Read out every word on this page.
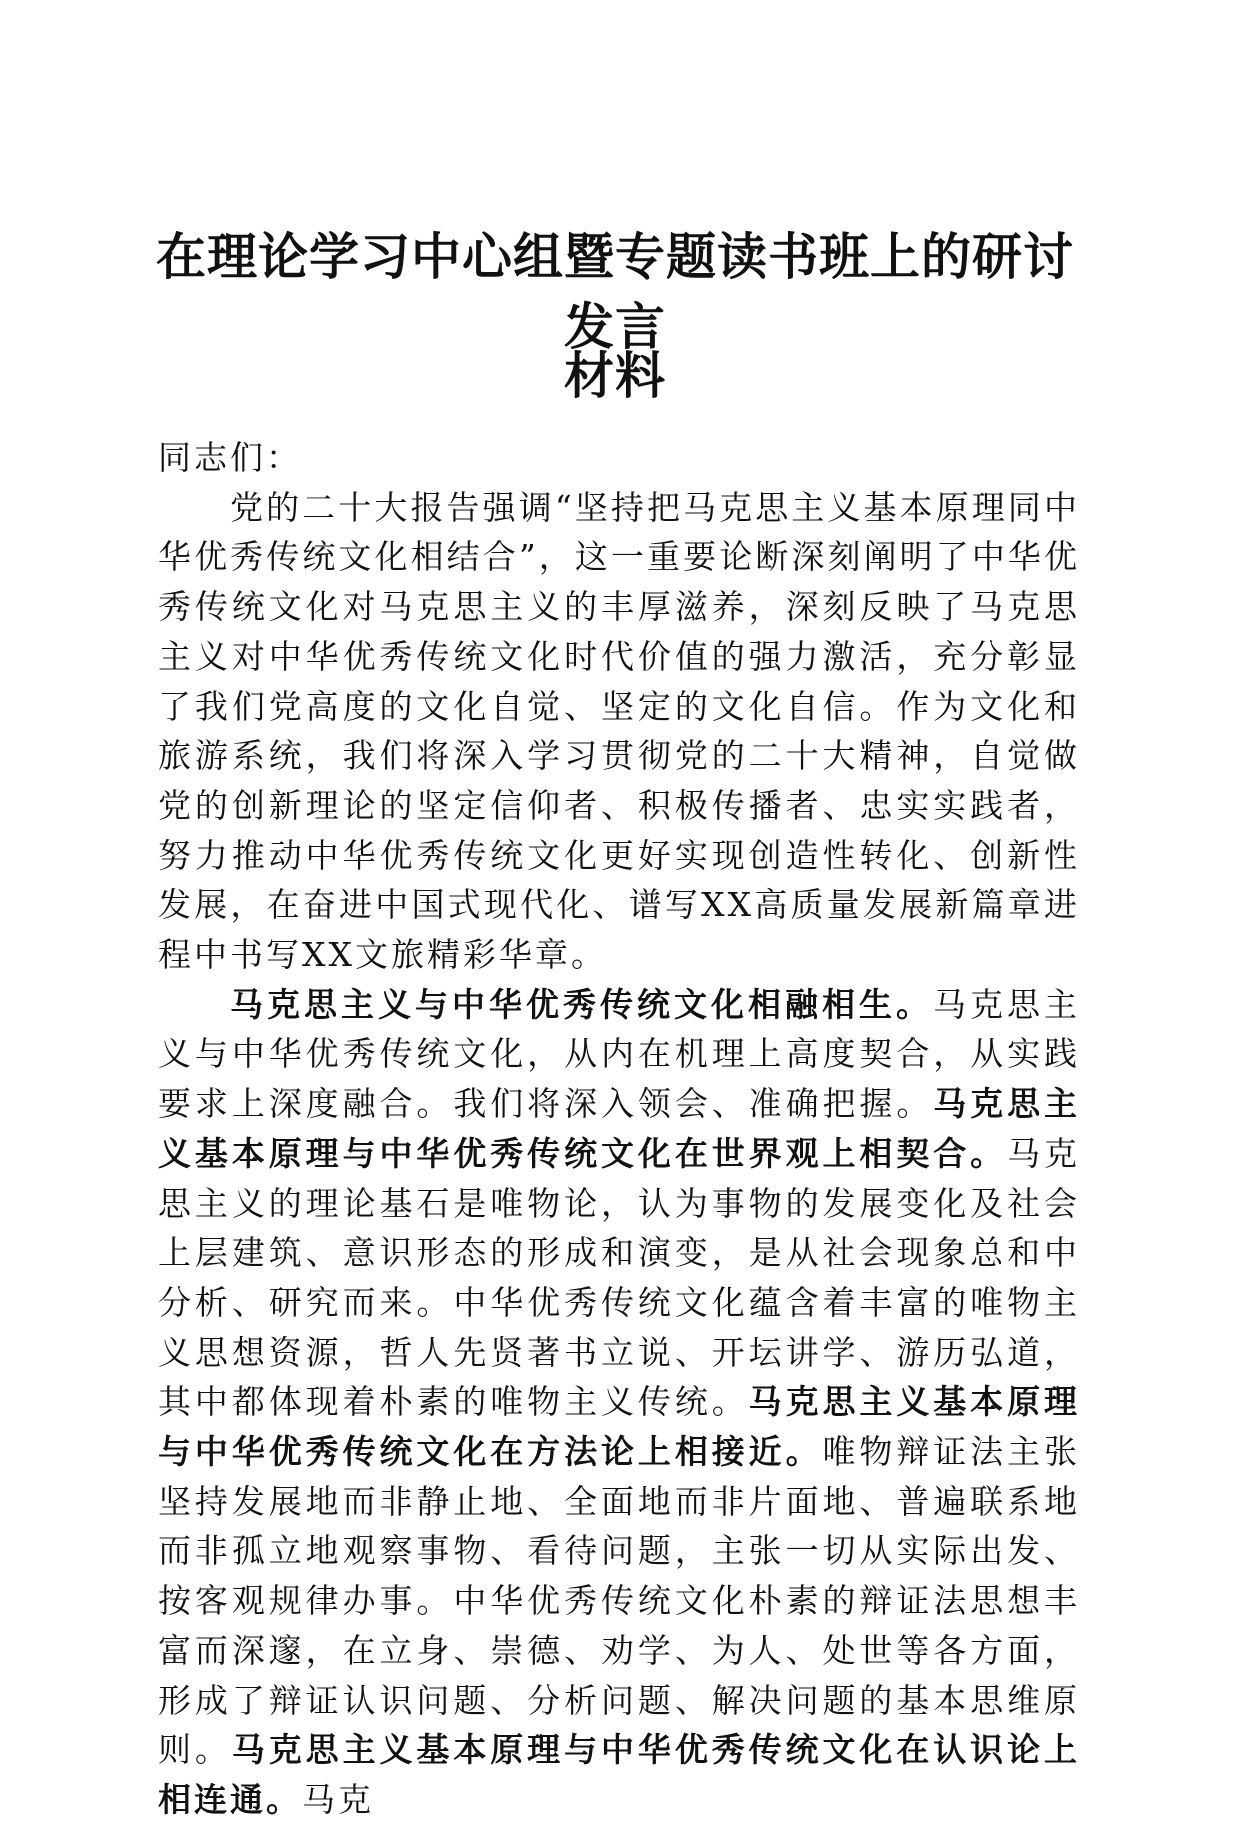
在理论学习中心组暨专题读书班上的研讨发言
材料

同志们：

党的二十大报告强调“坚持把马克思主义基本原理同中华优秀传统文化相结合”，这一重要论断深刻阐明了中华优秀传统文化对马克思主义的丰厚滋养，深刻反映了马克思主义对中华优秀传统文化时代价值的强力激活，充分彰显了我们党高度的文化自觉、坚定的文化自信。作为文化和旅游系统，我们将深入学习贯彻党的二十大精神，自觉做党的创新理论的坚定信仰者、积极传播者、忠实实践者，努力推动中华优秀传统文化更好实现创造性转化、创新性发展，在奋进中国式现代化、谱写XX高质量发展新篇章进程中书写XX文旅精彩华章。

马克思主义与中华优秀传统文化相融相生。马克思主义与中华优秀传统文化，从内在机理上高度契合，从实践要求上深度融合。我们将深入领会、准确把握。马克思主义基本原理与中华优秀传统文化在世界观上相契合。马克思主义的理论基石是唯物论，认为事物的发展变化及社会上层建筑、意识形态的形成和演变，是从社会现象总和中分析、研究而来。中华优秀传统文化蕴含着丰富的唯物主义思想资源，哲人先贤著书立说、开坛讲学、游历弘道，其中都体现着朴素的唯物主义传统。马克思主义基本原理与中华优秀传统文化在方法论上相接近。唯物辩证法主张坚持发展地而非静止地、全面地而非片面地、普遍联系地而非孤立地观察事物、看待问题，主张一切从实际出发、按客观规律办事。中华优秀传统文化朴素的辩证法思想丰富而深邃，在立身、崇德、劝学、为人、处世等各方面，形成了辩证认识问题、分析问题、解决问题的基本思维原则。马克思主义基本原理与中华优秀传统文化在认识论上相连通。马克
